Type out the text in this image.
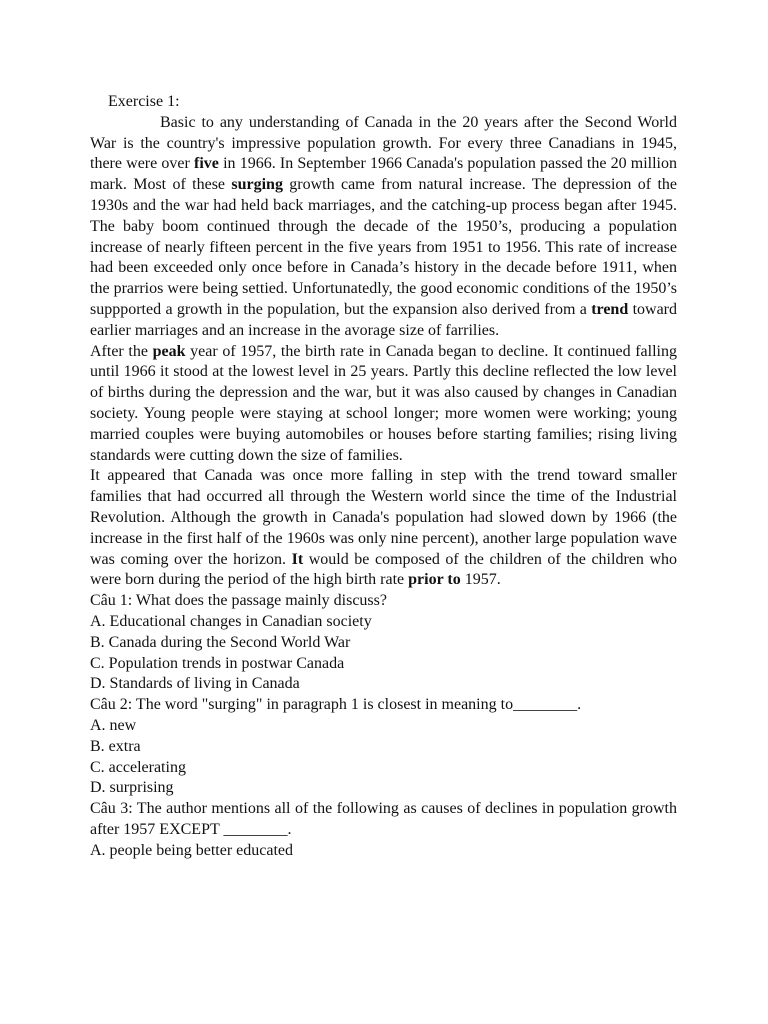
Exercise 1:

Basic to any understanding of Canada in the 20 years after the Second World War is the country's impressive population growth. For every three Canadians in 1945, there were over five in 1966. In September 1966 Canada's population passed the 20 million mark. Most of these surging growth came from natural increase. The depression of the 1930s and the war had held back marriages, and the catching-up process began after 1945. The baby boom continued through the decade of the 1950’s, producing a population increase of nearly fifteen percent in the five years from 1951 to 1956. This rate of increase had been exceeded only once before in Canada’s history in the decade before 1911, when the prarrios were being settied. Unfortunatedly, the good economic conditions of the 1950’s suppported a growth in the population, but the expansion also derived from a trend toward earlier marriages and an increase in the avorage size of farrilies.

After the peak year of 1957, the birth rate in Canada began to decline. It continued falling until 1966 it stood at the lowest level in 25 years. Partly this decline reflected the low level of births during the depression and the war, but it was also caused by changes in Canadian society. Young people were staying at school longer; more women were working; young married couples were buying automobiles or houses before starting families; rising living standards were cutting down the size of families.

It appeared that Canada was once more falling in step with the trend toward smaller families that had occurred all through the Western world since the time of the Industrial Revolution. Although the growth in Canada's population had slowed down by 1966 (the increase in the first half of the 1960s was only nine percent), another large population wave was coming over the horizon. It would be composed of the children of the children who were born during the period of the high birth rate prior to 1957.

Câu 1: What does the passage mainly discuss?

A. Educational changes in Canadian society

B. Canada during the Second World War

C. Population trends in postwar Canada

D. Standards of living in Canada

Câu 2: The word "surging" in paragraph 1 is closest in meaning to________.

A. new

B. extra

C. accelerating

D. surprising

Câu 3: The author mentions all of the following as causes of declines in population growth after 1957 EXCEPT ________.

A. people being better educated
